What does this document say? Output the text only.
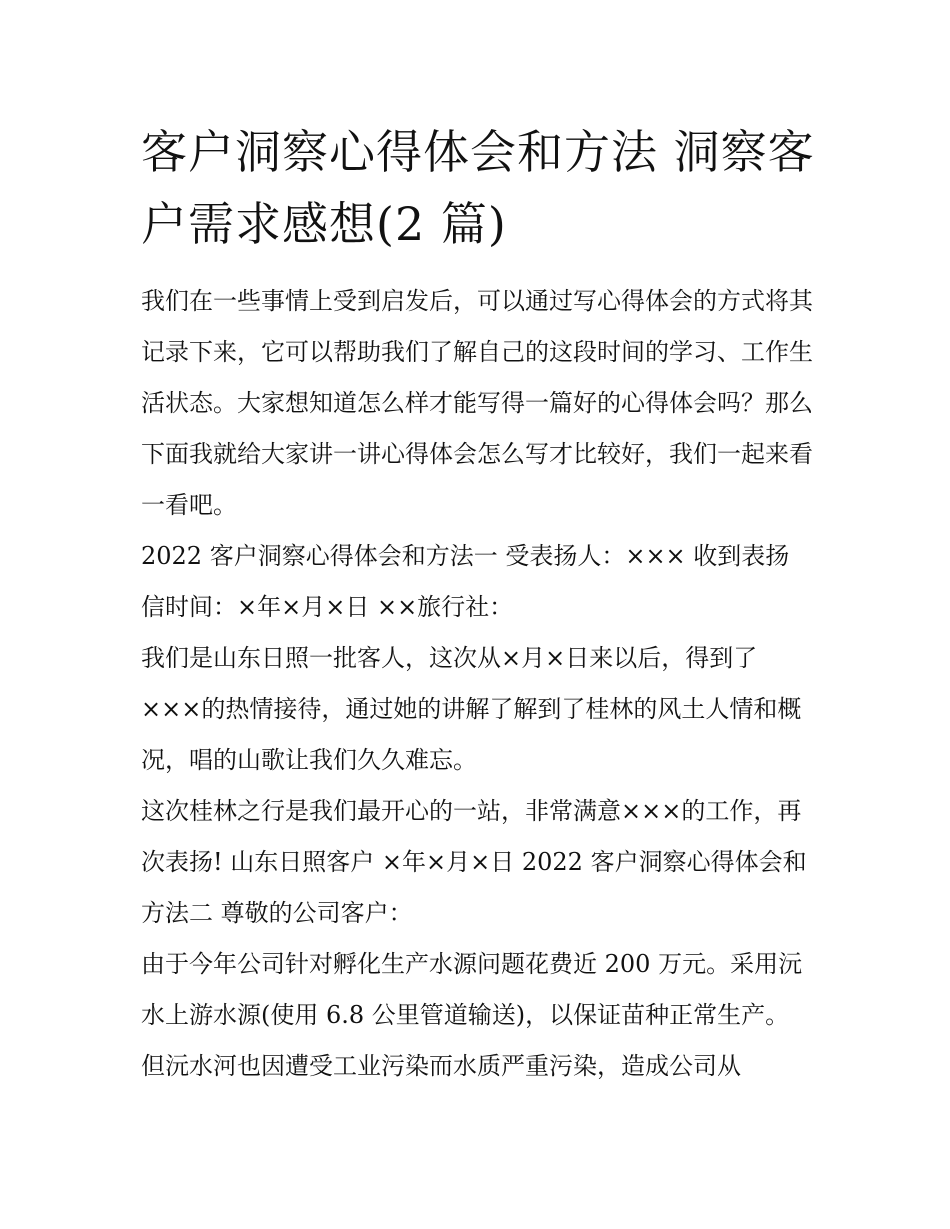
客户洞察心得体会和方法 洞察客户需求感想(2 篇)

我们在一些事情上受到启发后，可以通过写心得体会的方式将其记录下来，它可以帮助我们了解自己的这段时间的学习、工作生活状态。大家想知道怎么样才能写得一篇好的心得体会吗？那么下面我就给大家讲一讲心得体会怎么写才比较好，我们一起来看一看吧。

2022 客户洞察心得体会和方法一 受表扬人：××× 收到表扬信时间：×年×月×日 ××旅行社：

我们是山东日照一批客人，这次从×月×日来以后，得到了×××的热情接待，通过她的讲解了解到了桂林的风土人情和概况，唱的山歌让我们久久难忘。

这次桂林之行是我们最开心的一站，非常满意×××的工作，再次表扬! 山东日照客户 ×年×月×日 2022 客户洞察心得体会和方法二 尊敬的公司客户：

由于今年公司针对孵化生产水源问题花费近 200 万元。采用沅水上游水源(使用 6.8 公里管道输送)，以保证苗种正常生产。但沅水河也因遭受工业污染而水质严重污染，造成公司从
